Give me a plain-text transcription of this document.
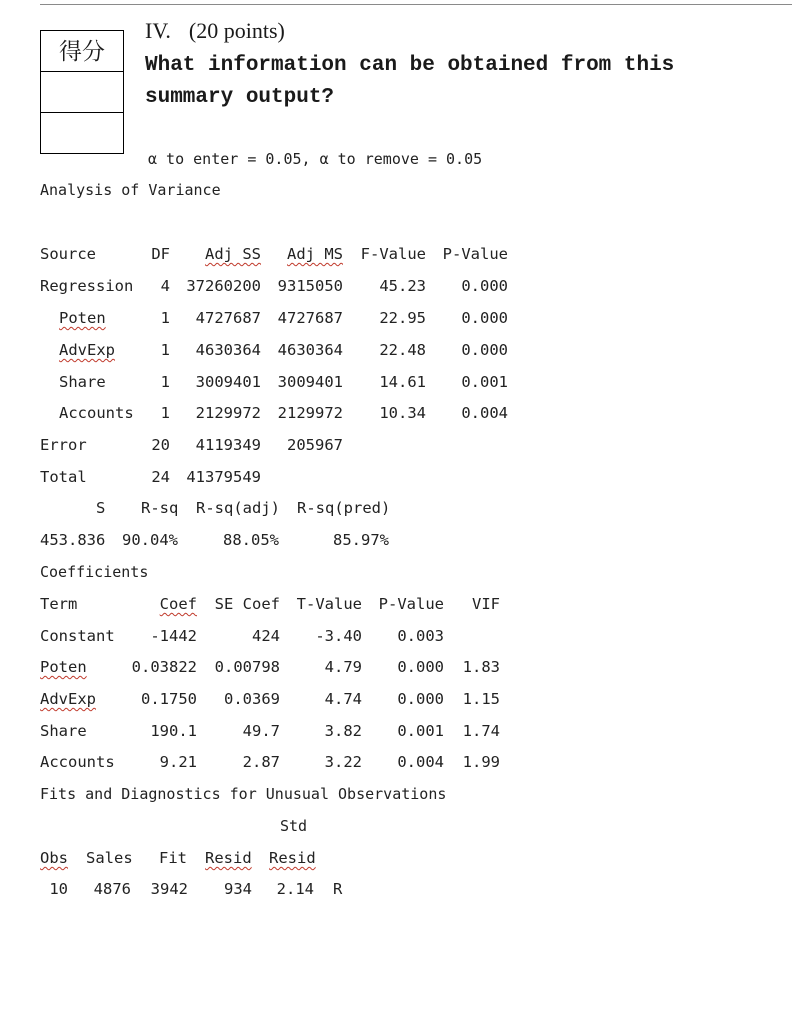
得分
IV. (20 points)
What information can be obtained from this summary output?
α to enter = 0.05, α to remove = 0.05
Analysis of Variance
Source	DF	Adj SS	Adj MS	F-Value	P-Value
Regression	4 37260200	9315050	45.23	0.000
Poten	1	4727687	4727687	22.95	0.000
AdvExp	1	4630364	4630364	22.48	0.000
Share	1	3009401	3009401	14.61	0.001
Accounts	1	2129972	2129972	10.34	0.004
Error	20	4119349	205967
Total	24 41379549
S R-sq R-sq(adj) R-sq(pred)
453.836 90.04%	88.05%	85.97%
Coefficients
Term	Coef	SE Coef	T-Value	P-Value	VIF
Constant	-1442	424	-3.40	0.003
Poten	0.03822	0.00798	4.79	0.000	1.83
AdvExp	0.1750	0.0369	4.74	0.000	1.15
Share	190.1	49.7	3.82	0.001	1.74
Accounts	9.21	2.87	3.22	0.004	1.99
Fits and Diagnostics for Unusual Observations
Std
Obs Sales Fit Resid Resid
10	4876	3942	934	2.14 R
